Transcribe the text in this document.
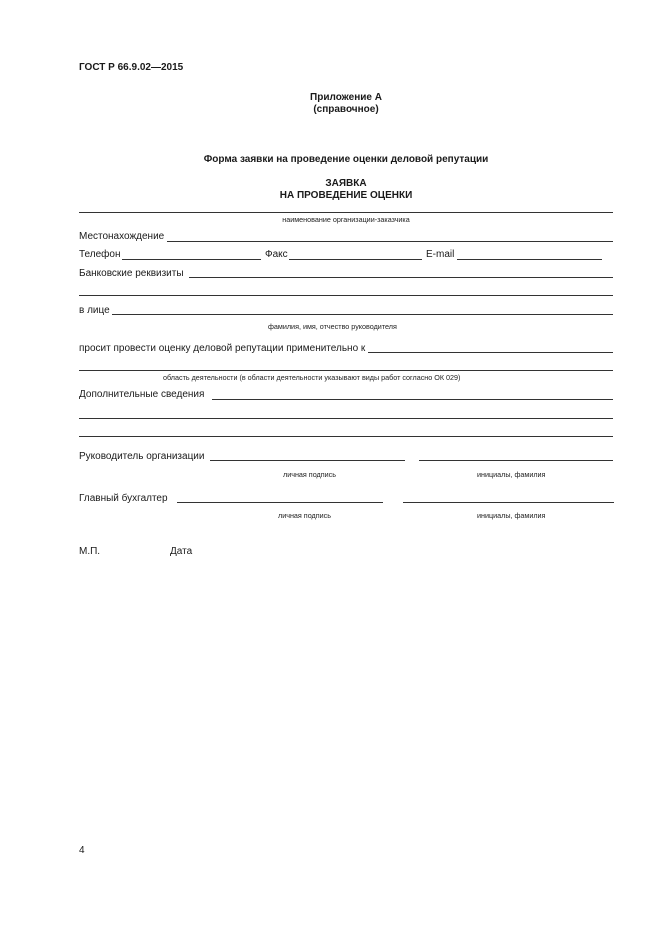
ГОСТ Р 66.9.02—2015
Приложение А
(справочное)
Форма заявки на проведение оценки деловой репутации
ЗАЯВКА
НА ПРОВЕДЕНИЕ ОЦЕНКИ
наименование организации-заказчика
Местонахождение
Телефон	Факс	E-mail
Банковские реквизиты
в лице
фамилия, имя, отчество руководителя
просит провести оценку деловой репутации применительно к
область деятельности (в области деятельности указывают виды работ согласно ОК 029)
Дополнительные сведения
Руководитель организации
личная подпись	инициалы, фамилия
Главный бухгалтер
личная подпись	инициалы, фамилия
М.П.	Дата
4
